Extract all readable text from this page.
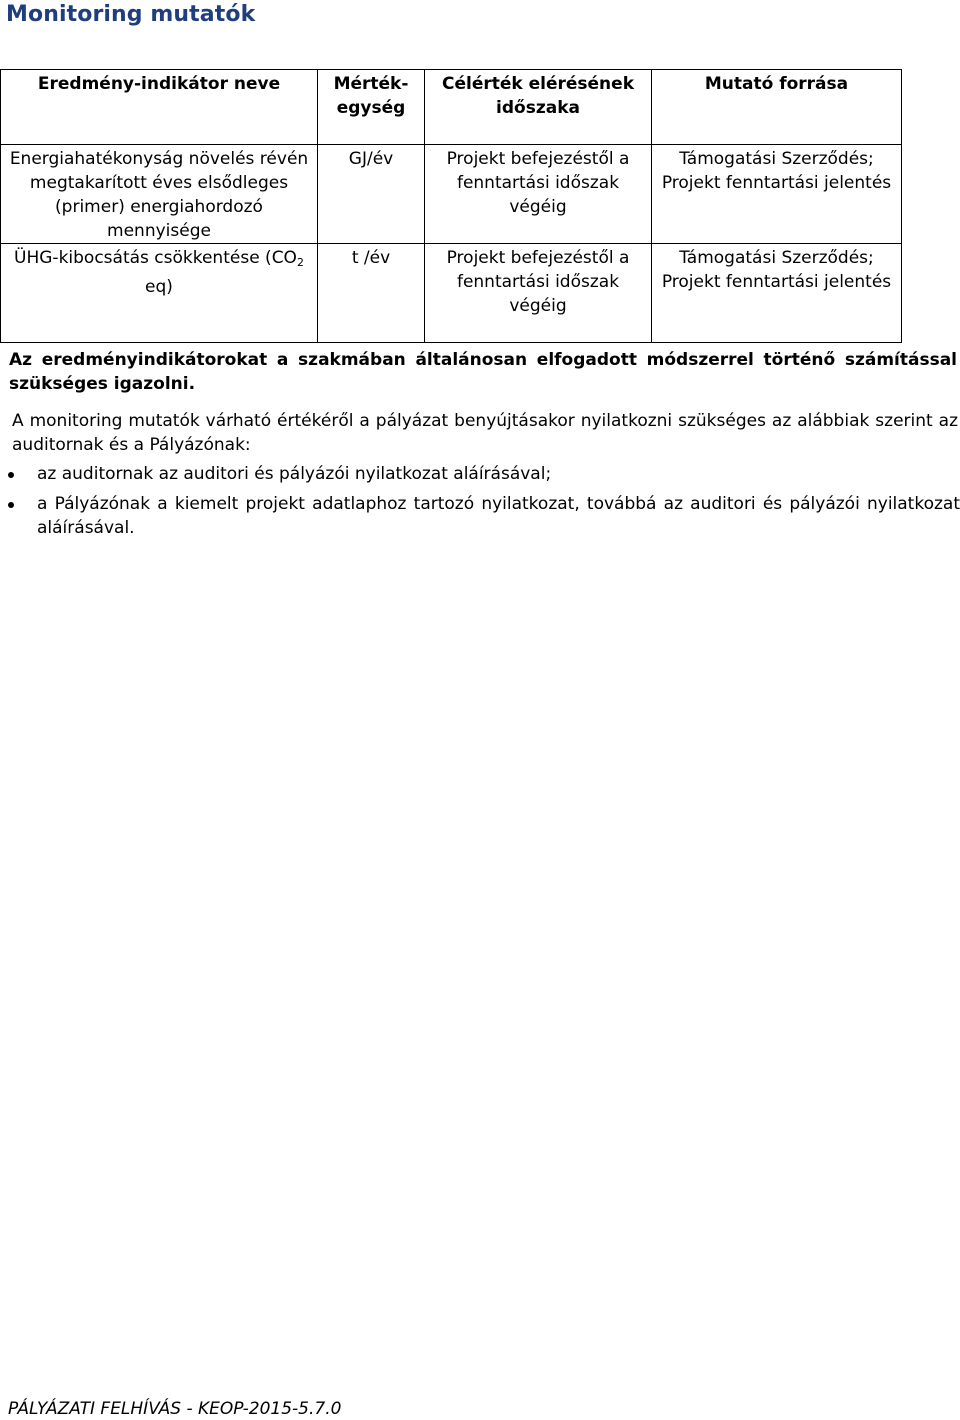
Monitoring mutatók
Eredmény-indikátor neve	Mérték-egység	Célérték elérésének időszaka	Mutató forrása
Energiahatékonyság növelés révén megtakarított éves elsődleges (primer) energiahordozó mennyisége	GJ/év	Projekt befejezéstől a fenntartási időszak végéig	Támogatási Szerződés; Projekt fenntartási jelentés
ÜHG-kibocsátás csökkentése ($CO_2$ eq)	t /év	Projekt befejezéstől a fenntartási időszak végéig	Támogatási Szerződés; Projekt fenntartási jelentés

Az eredményindikátorokat a szakmában általánosan elfogadott módszerrel történő számítással szükséges igazolni.

A monitoring mutatók várható értékéről a pályázat benyújtásakor nyilatkozni szükséges az alábbiak szerint az auditornak és a Pályázónak:

az auditornak az auditori és pályázói nyilatkozat aláírásával;
a Pályázónak a kiemelt projekt adatlaphoz tartozó nyilatkozat, továbbá az auditori és pályázói nyilatkozat aláírásával.

PÁLYÁZATI FELHÍVÁS - KEOP-2015-5.7.0
